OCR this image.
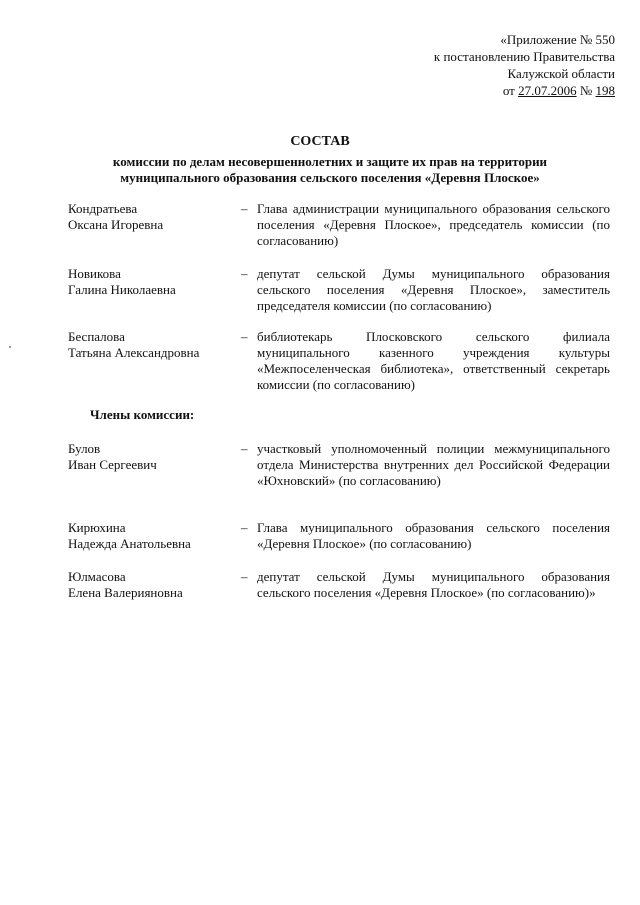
«Приложение № 550
к постановлению Правительства
Калужской области
от 27.07.2006 № 198
СОСТАВ
комиссии по делам несовершеннолетних и защите их прав на территории
муниципального образования сельского поселения «Деревня Плоское»
Кондратьева
Оксана Игоревна
– Глава администрации муниципального образования сельского поселения «Деревня Плоское», председатель комиссии (по согласованию)
Новикова
Галина Николаевна
– депутат сельской Думы муниципального образования сельского поселения «Деревня Плоское», заместитель председателя комиссии (по согласованию)
Беспалова
Татьяна Александровна
– библиотекарь Плосковского сельского филиала муниципального казенного учреждения культуры «Межпоселенческая библиотека», ответственный секретарь комиссии (по согласованию)
Члены комиссии:
Булов
Иван Сергеевич
– участковый уполномоченный полиции межмуниципального отдела Министерства внутренних дел Российской Федерации «Юхновский» (по согласованию)
Кирюхина
Надежда Анатольевна
– Глава муниципального образования сельского поселения «Деревня Плоское» (по согласованию)
Юлмасова
Елена Валерияновна
– депутат сельской Думы муниципального образования сельского поселения «Деревня Плоское» (по согласованию)»
